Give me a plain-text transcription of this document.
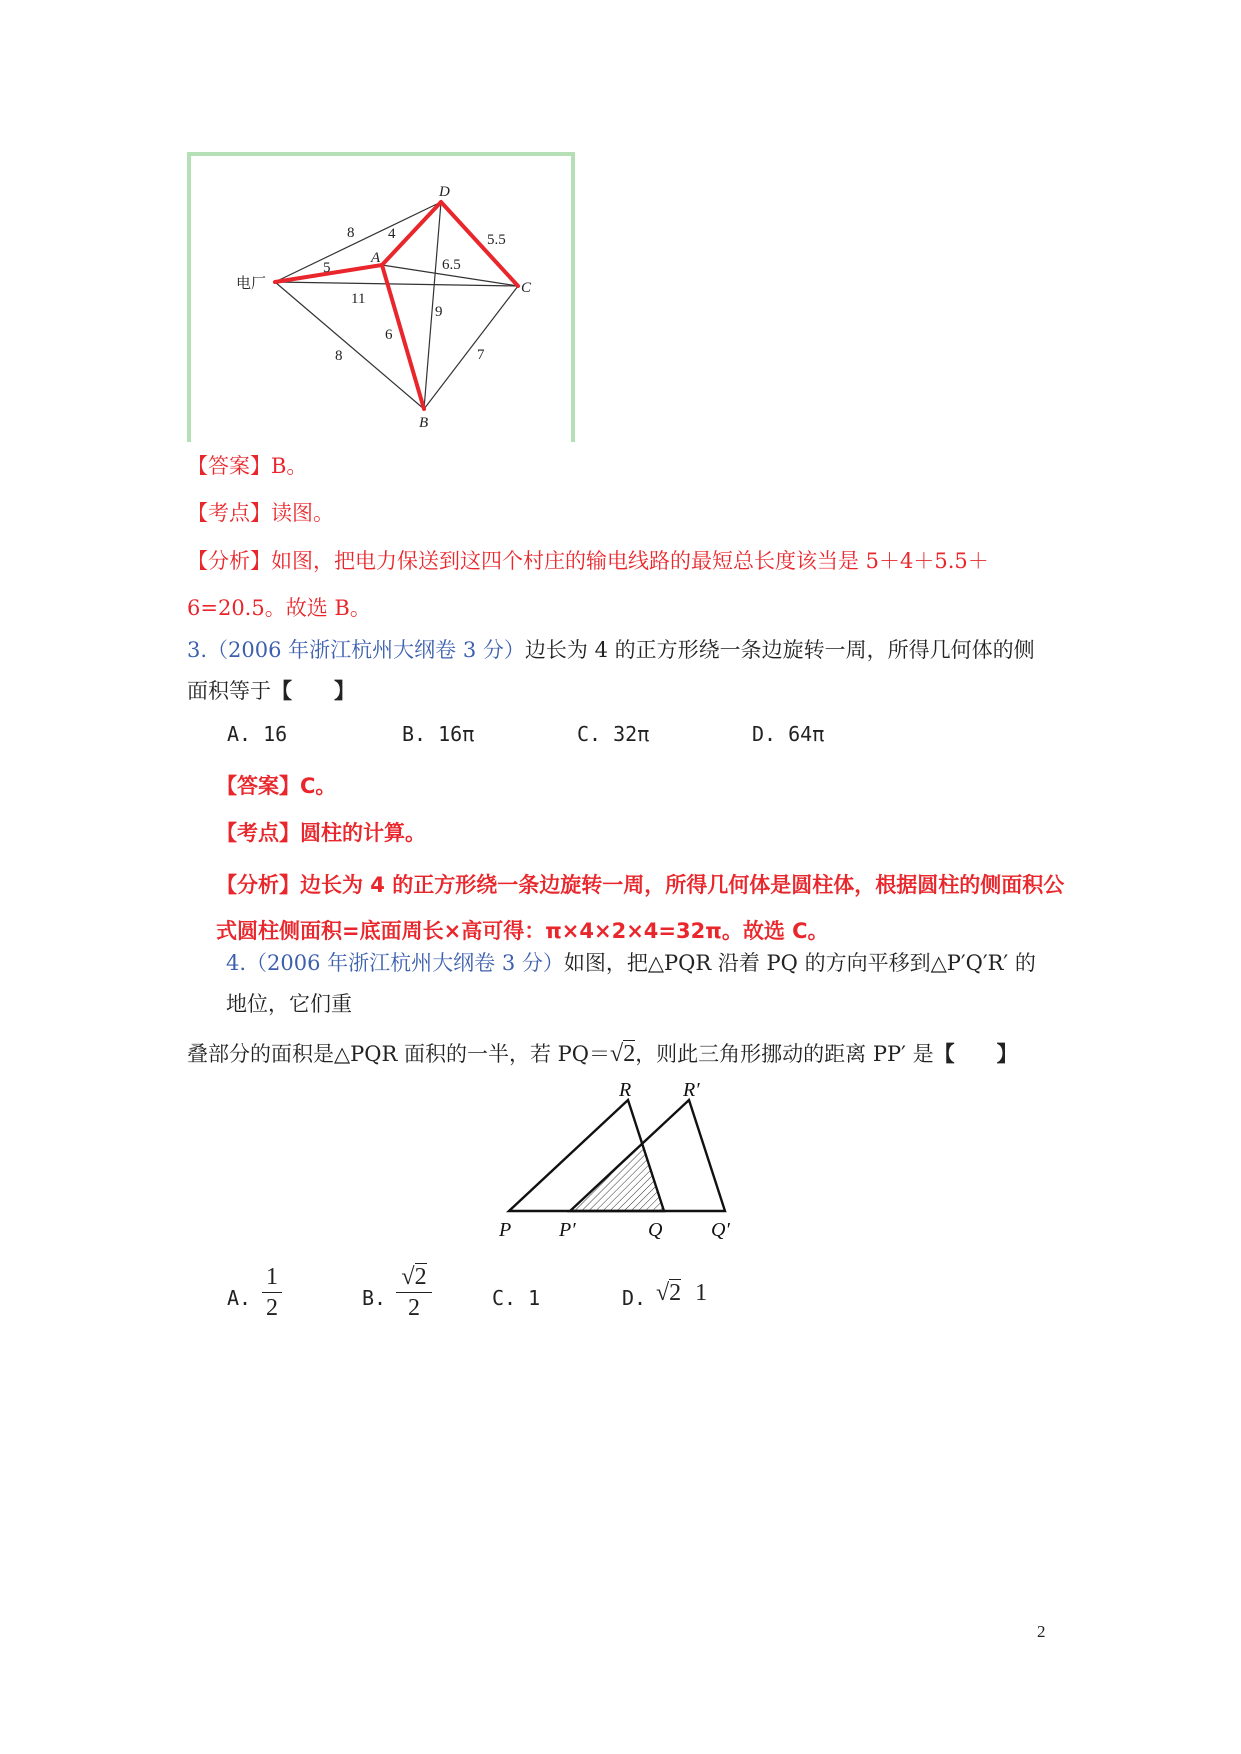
D
A
C
B
电厂
8 4	5.5
5	6.5
11
9
6
8	7
【答案】B。
【考点】读图。
【分析】如图，把电力保送到这四个村庄的输电线路的最短总长度该当是 5＋4＋5.5＋
6=20.5。故选 B。
3.（2006 年浙江杭州大纲卷 3 分）边长为 4 的正方形绕一条边旋转一周，所得几何体的侧
面积等于【　　】
A. 16	B. 16π	C. 32π	D. 64π
【答案】C。
【考点】圆柱的计算。
【分析】边长为 4 的正方形绕一条边旋转一周，所得几何体是圆柱体，根据圆柱的侧面积公
式圆柱侧面积=底面周长×高可得：π×4×2×4=32π。故选 C。
4.（2006 年浙江杭州大纲卷 3 分）如图，把△PQR 沿着 PQ 的方向平移到△P′Q′R′ 的
地位，它们重
叠部分的面积是△PQR 面积的一半，若 PQ＝√2，则此三角形挪动的距离 PP′ 是【　　】
R	R′
P P′	Q Q′
A.
1
2	B.
√2
2	C. 1	D. √2 1
2
